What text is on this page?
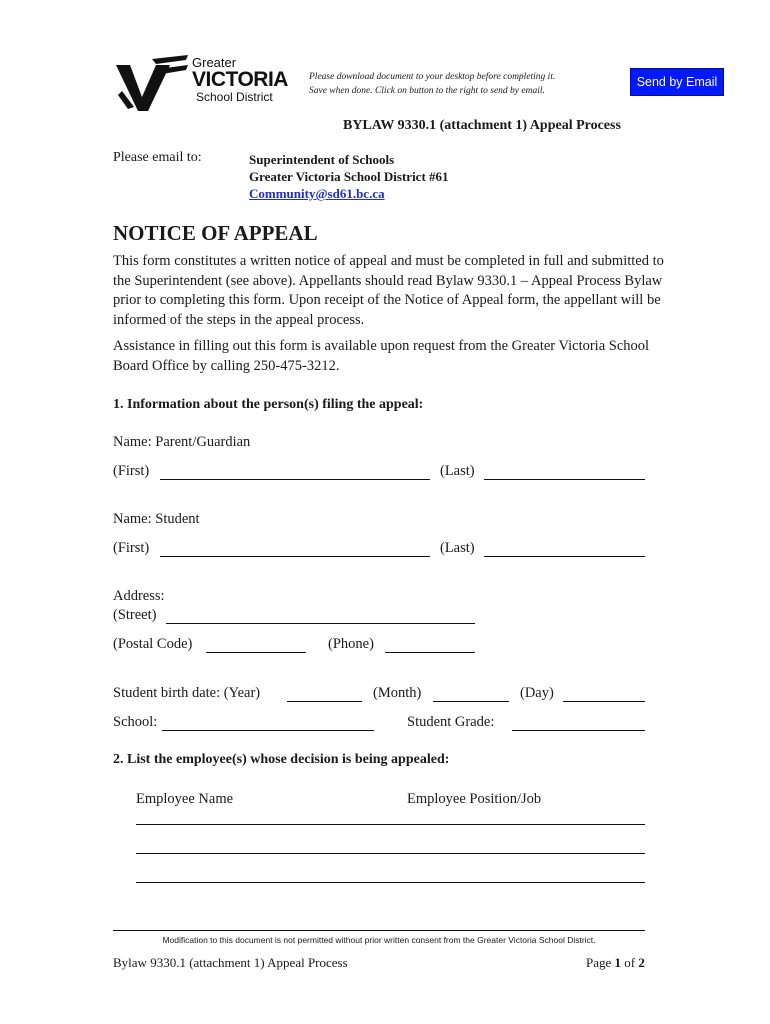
Greater
VICTORIA
School District
Please download document to your desktop before completing it.
Save when done. Click on button to the right to send by email.
Send by Email
BYLAW 9330.1 (attachment 1) Appeal Process
Please email to:	Superintendent of Schools
Greater Victoria School District #61
Community@sd61.bc.ca
NOTICE OF APPEAL
This form constitutes a written notice of appeal and must be completed in full and submitted to the Superintendent (see above). Appellants should read Bylaw 9330.1 – Appeal Process Bylaw prior to completing this form. Upon receipt of the Notice of Appeal form, the appellant will be informed of the steps in the appeal process.
Assistance in filling out this form is available upon request from the Greater Victoria School Board Office by calling 250-475-3212.
1. Information about the person(s) filing the appeal:
Name: Parent/Guardian
(First)	(Last)
Name: Student
(First)	(Last)
Address:
(Street)
(Postal Code)	(Phone)
Student birth date: (Year)	(Month)	(Day)
School:	Student Grade:
2. List the employee(s) whose decision is being appealed:
Employee Name	Employee Position/Job
Modification to this document is not permitted without prior written consent from the Greater Victoria School District.
Bylaw 9330.1 (attachment 1) Appeal Process	Page 1 of 2
